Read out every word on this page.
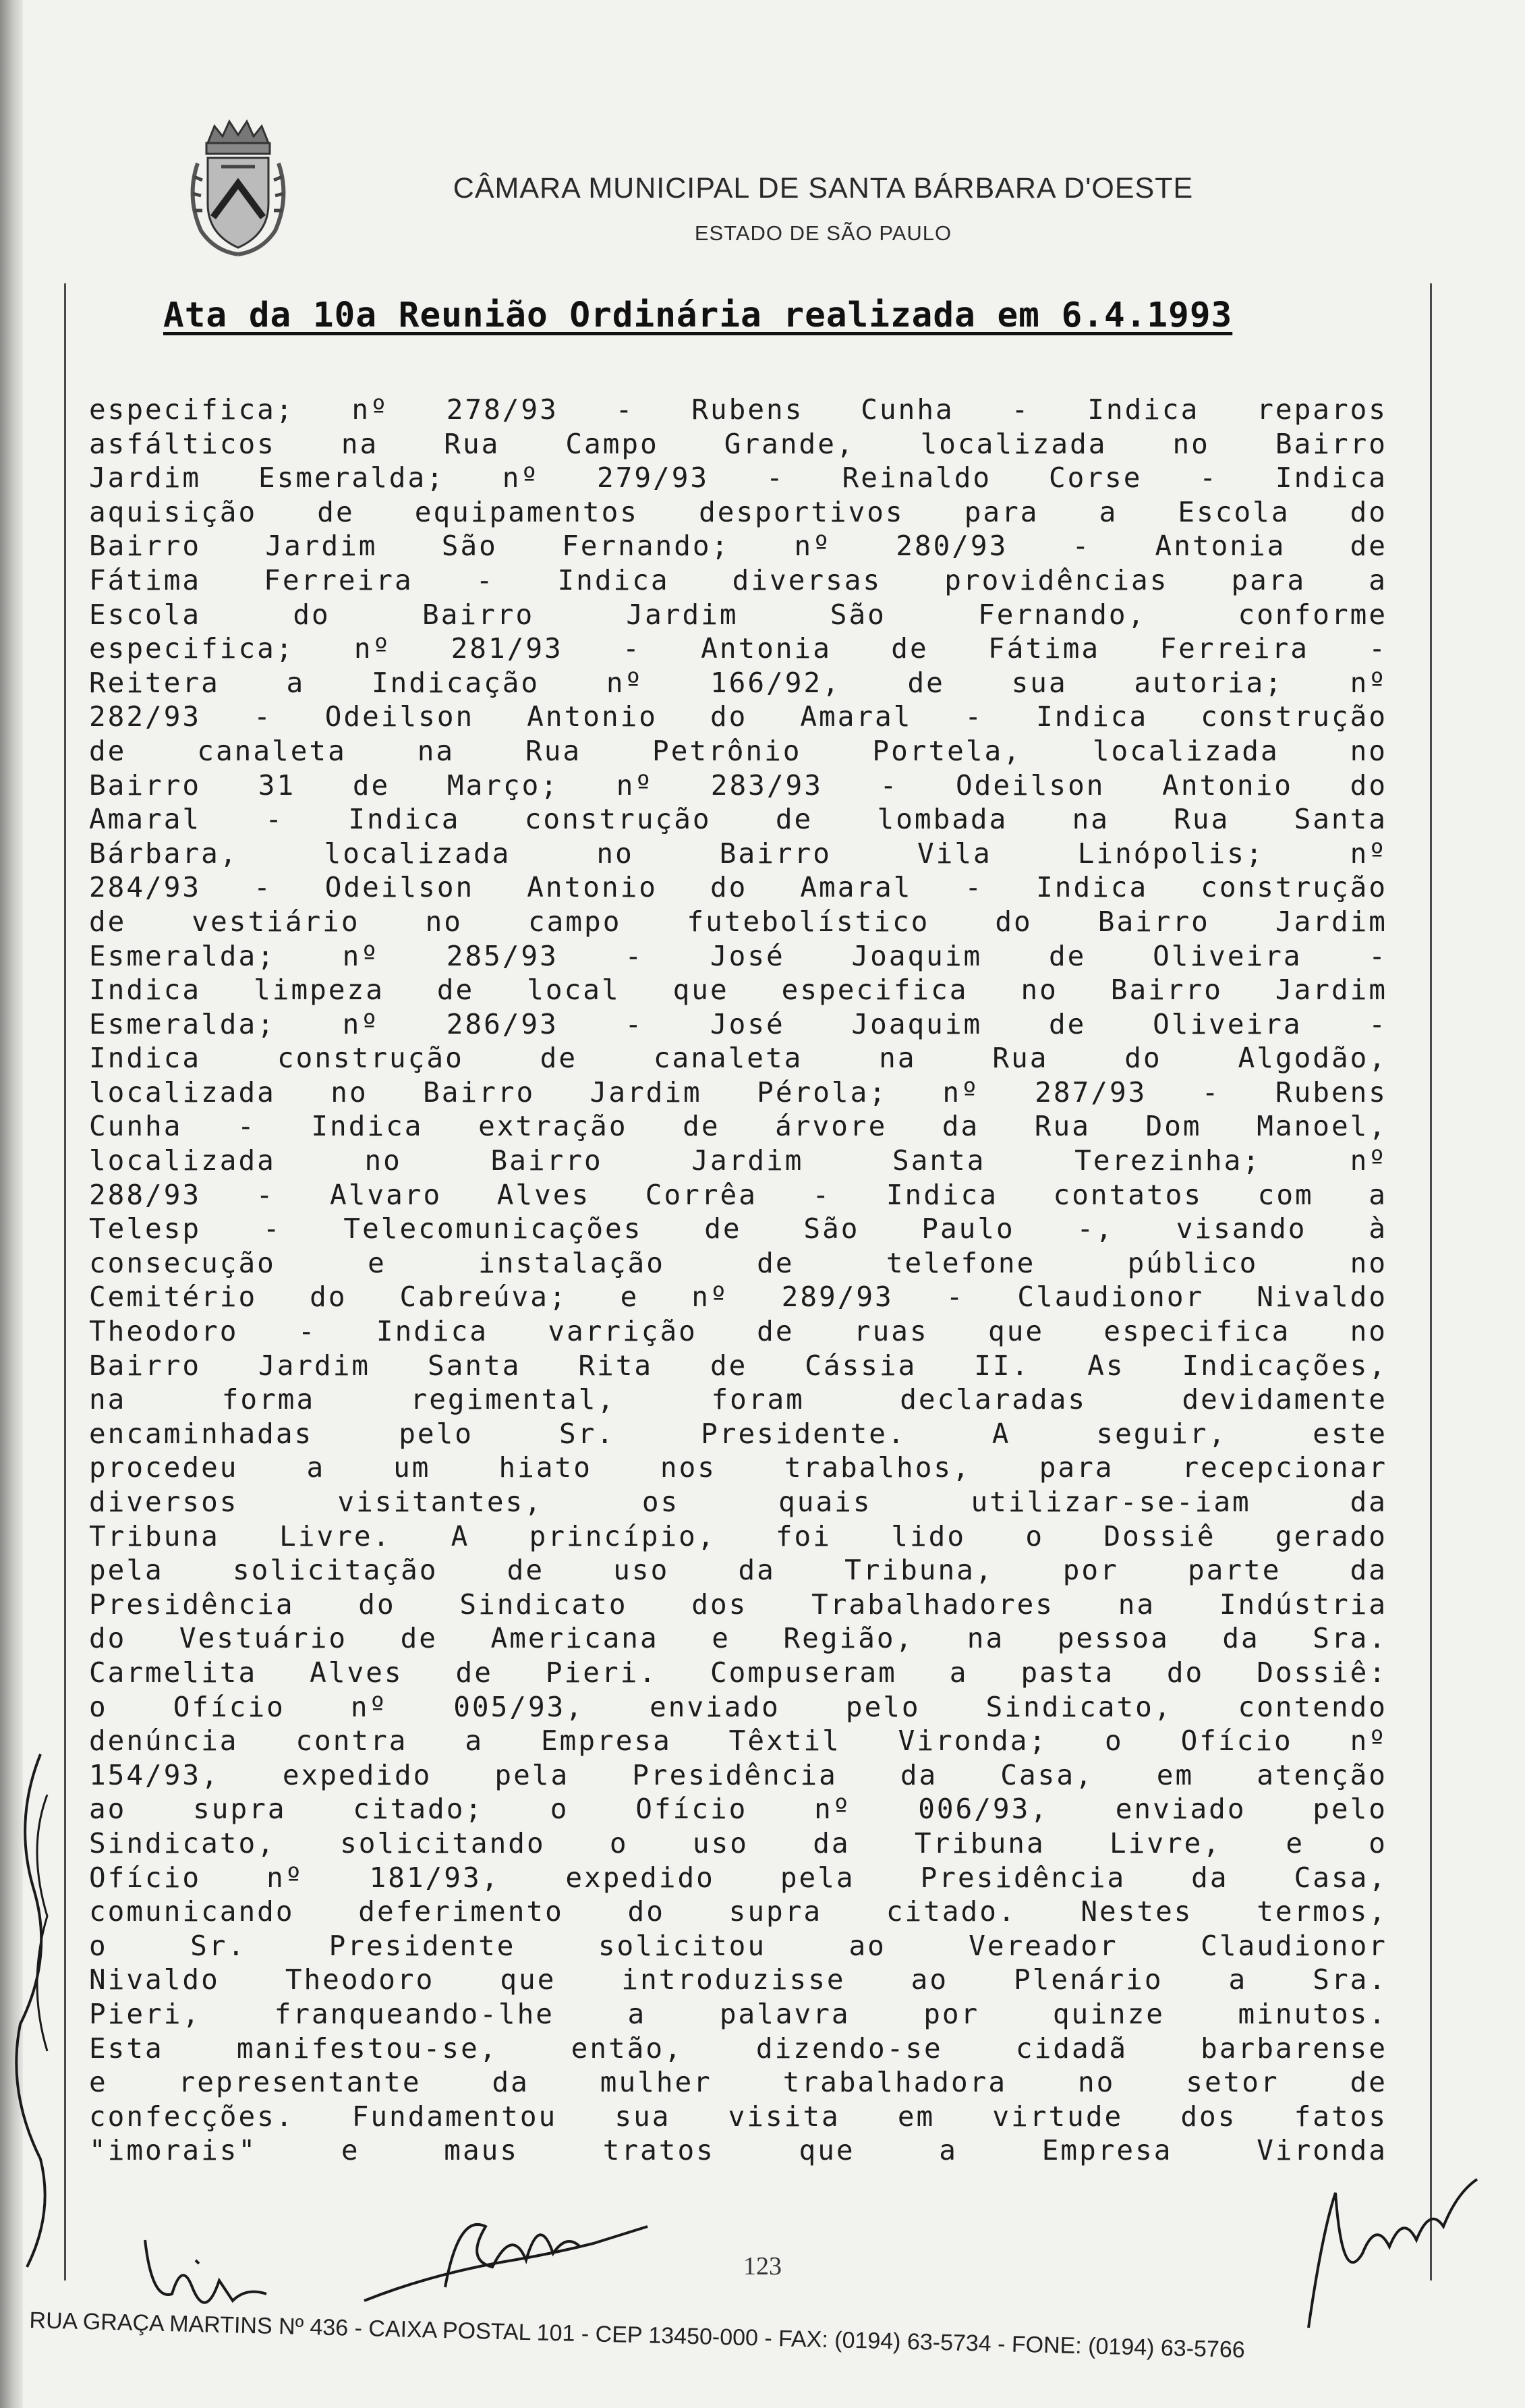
CÂMARA MUNICIPAL DE SANTA BÁRBARA D'OESTE
ESTADO DE SÃO PAULO
Ata da 10a Reunião Ordinária realizada em 6.4.1993
especifica; nº 278/93 - Rubens Cunha - Indica reparos
asfálticos na Rua Campo Grande, localizada no Bairro
Jardim Esmeralda; nº 279/93 - Reinaldo Corse - Indica
aquisição de equipamentos desportivos para a Escola do
Bairro Jardim São Fernando; nº 280/93 - Antonia de
Fátima Ferreira - Indica diversas providências para a
Escola do Bairro Jardim São Fernando, conforme
especifica; nº 281/93 - Antonia de Fátima Ferreira -
Reitera a Indicação nº 166/92, de sua autoria; nº
282/93 - Odeilson Antonio do Amaral - Indica construção
de canaleta na Rua Petrônio Portela, localizada no
Bairro 31 de Março; nº 283/93 - Odeilson Antonio do
Amaral - Indica construção de lombada na Rua Santa
Bárbara, localizada no Bairro Vila Linópolis; nº
284/93 - Odeilson Antonio do Amaral - Indica construção
de vestiário no campo futebolístico do Bairro Jardim
Esmeralda; nº 285/93 - José Joaquim de Oliveira -
Indica limpeza de local que especifica no Bairro Jardim
Esmeralda; nº 286/93 - José Joaquim de Oliveira -
Indica construção de canaleta na Rua do Algodão,
localizada no Bairro Jardim Pérola; nº 287/93 - Rubens
Cunha - Indica extração de árvore da Rua Dom Manoel,
localizada no Bairro Jardim Santa Terezinha; nº
288/93 - Alvaro Alves Corrêa - Indica contatos com a
Telesp - Telecomunicações de São Paulo -, visando à
consecução e instalação de telefone público no
Cemitério do Cabreúva; e nº 289/93 - Claudionor Nivaldo
Theodoro - Indica varrição de ruas que especifica no
Bairro Jardim Santa Rita de Cássia II. As Indicações,
na forma regimental, foram declaradas devidamente
encaminhadas pelo Sr. Presidente. A seguir, este
procedeu a um hiato nos trabalhos, para recepcionar
diversos visitantes, os quais utilizar-se-iam da
Tribuna Livre. A princípio, foi lido o Dossiê gerado
pela solicitação de uso da Tribuna, por parte da
Presidência do Sindicato dos Trabalhadores na Indústria
do Vestuário de Americana e Região, na pessoa da Sra.
Carmelita Alves de Pieri. Compuseram a pasta do Dossiê:
o Ofício nº 005/93, enviado pelo Sindicato, contendo
denúncia contra a Empresa Têxtil Vironda; o Ofício nº
154/93, expedido pela Presidência da Casa, em atenção
ao supra citado; o Ofício nº 006/93, enviado pelo
Sindicato, solicitando o uso da Tribuna Livre, e o
Ofício nº 181/93, expedido pela Presidência da Casa,
comunicando deferimento do supra citado. Nestes termos,
o Sr. Presidente solicitou ao Vereador Claudionor
Nivaldo Theodoro que introduzisse ao Plenário a Sra.
Pieri, franqueando-lhe a palavra por quinze minutos.
Esta manifestou-se, então, dizendo-se cidadã barbarense
e representante da mulher trabalhadora no setor de
confecções. Fundamentou sua visita em virtude dos fatos
"imorais" e maus tratos que a Empresa Vironda
123
RUA GRAÇA MARTINS Nº 436 - CAIXA POSTAL 101 - CEP 13450-000 - FAX: (0194) 63-5734 - FONE: (0194) 63-5766
